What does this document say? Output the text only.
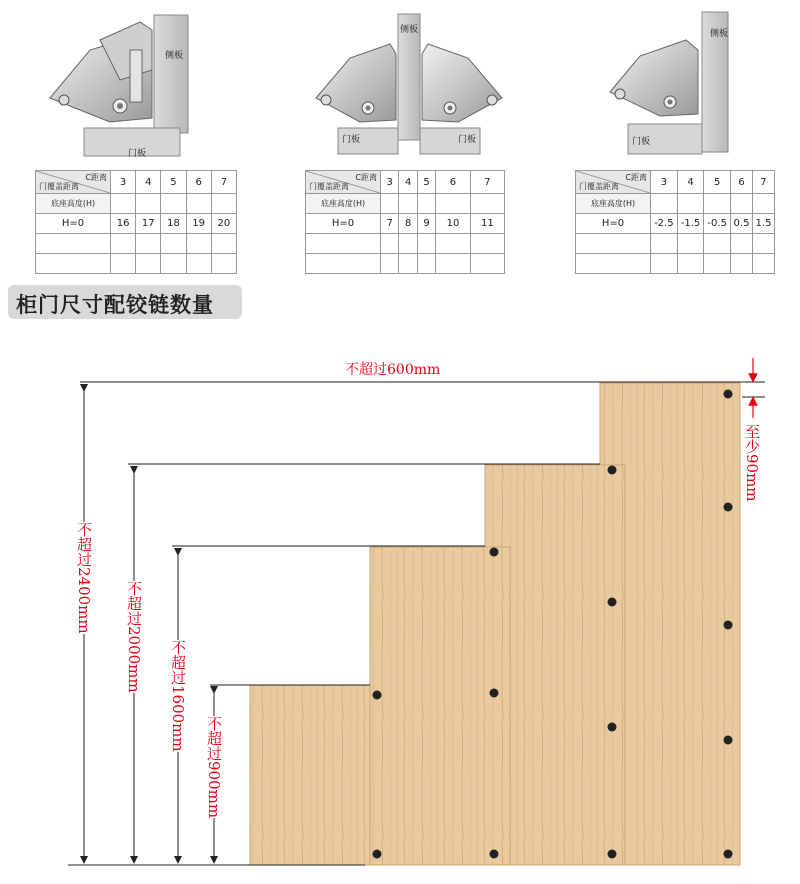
侧板
门板
侧板
门板	门板
侧板
门板
C距离
门覆盖距离	3	4	5	6	7
底座高度(H)					
H=0	16	17	18	19	20

C距离
门覆盖距离	3	4	5	6	7
底座高度(H)					
H=0	7	8	9	10	11

C距离
门覆盖距离	3	4	5	6	7
底座高度(H)					
H=0	-2.5	-1.5	-0.5	0.5	1.5

柜门尺寸配铰链数量
不超过600mm
至少90mm
不超过2400mm
不超过2000mm
不超过1600mm
不超过900mm
